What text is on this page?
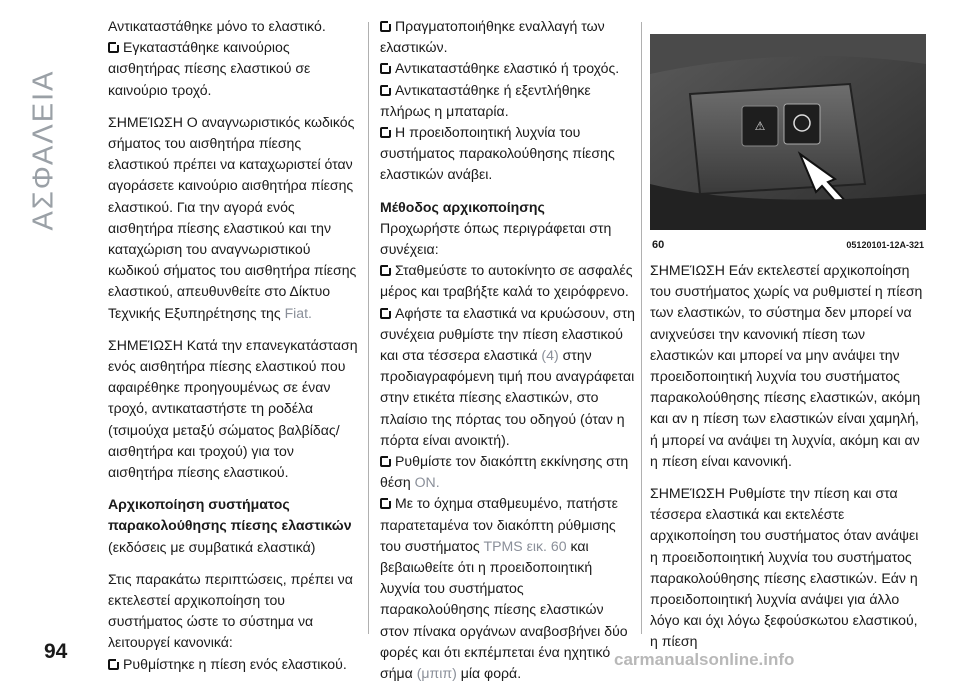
ΑΣΦΑΛΕΙΑ

Αντικαταστάθηκε μόνο το ελαστικό.

Εγκαταστάθηκε καινούριος αισθητήρας πίεσης ελαστικού σε καινούριο τροχό.

ΣΗΜΕΊΩΣΗ Ο αναγνωριστικός κωδικός σήματος του αισθητήρα πίεσης ελαστικού πρέπει να καταχωριστεί όταν αγοράσετε καινούριο αισθητήρα πίεσης ελαστικού. Για την αγορά ενός αισθητήρα πίεσης ελαστικού και την καταχώριση του αναγνωριστικού κωδικού σήματος του αισθητήρα πίεσης ελαστικού, απευθυνθείτε στο Δίκτυο Τεχνικής Εξυπηρέτησης της Fiat.

ΣΗΜΕΊΩΣΗ Κατά την επανεγκατάσταση ενός αισθητήρα πίεσης ελαστικού που αφαιρέθηκε προηγουμένως σε έναν τροχό, αντικαταστήστε τη ροδέλα (τσιμούχα μεταξύ σώματος βαλβίδας/αισθητήρα και τροχού) για τον αισθητήρα πίεσης ελαστικού.

Αρχικοποίηση συστήματος παρακολούθησης πίεσης ελαστικών

(εκδόσεις με συμβατικά ελαστικά)

Στις παρακάτω περιπτώσεις, πρέπει να εκτελεστεί αρχικοποίηση του συστήματος ώστε το σύστημα να λειτουργεί κανονικά:

Ρυθμίστηκε η πίεση ενός ελαστικού.

Πραγματοποιήθηκε εναλλαγή των ελαστικών.
Αντικαταστάθηκε ελαστικό ή τροχός.
Αντικαταστάθηκε ή εξεντλήθηκε πλήρως η μπαταρία.

Η προειδοποιητική λυχνία του συστήματος παρακολούθησης πίεσης ελαστικών ανάβει.

Μέθοδος αρχικοποίησης
Προχωρήστε όπως περιγράφεται στη συνέχεια:
Σταθμεύστε το αυτοκίνητο σε ασφαλές μέρος και τραβήξτε καλά το χειρόφρενο.
Αφήστε τα ελαστικά να κρυώσουν, στη συνέχεια ρυθμίστε την πίεση ελαστικού και στα τέσσερα ελαστικά (4) στην προδιαγραφόμενη τιμή που αναγράφεται στην ετικέτα πίεσης ελαστικών, στο πλαίσιο της πόρτας του οδηγού (όταν η πόρτα είναι ανοικτή).
Ρυθμίστε τον διακόπτη εκκίνησης στη θέση ON.
Με το όχημα σταθμευμένο, πατήστε παρατεταμένα τον διακόπτη ρύθμισης του συστήματος TPMS εικ. 60 και βεβαιωθείτε ότι η προειδοποιητική λυχνία του συστήματος παρακολούθησης πίεσης ελαστικών στον πίνακα οργάνων αναβοσβήνει δύο φορές και ότι εκπέμπεται ένα ηχητικό σήμα (μπιπ) μία φορά.
⚠
60	05120101-12A-321

ΣΗΜΕΊΩΣΗ Εάν εκτελεστεί αρχικοποίηση του συστήματος χωρίς να ρυθμιστεί η πίεση των ελαστικών, το σύστημα δεν μπορεί να ανιχνεύσει την κανονική πίεση των ελαστικών και μπορεί να μην ανάψει την προειδοποιητική λυχνία του συστήματος παρακολούθησης πίεσης ελαστικών, ακόμη και αν η πίεση των ελαστικών είναι χαμηλή, ή μπορεί να ανάψει τη λυχνία, ακόμη και αν η πίεση είναι κανονική.

ΣΗΜΕΊΩΣΗ Ρυθμίστε την πίεση και στα τέσσερα ελαστικά και εκτελέστε αρχικοποίηση του συστήματος όταν ανάψει η προειδοποιητική λυχνία του συστήματος παρακολούθησης πίεσης ελαστικών. Εάν η προειδοποιητική λυχνία ανάψει για άλλο λόγο και όχι λόγω ξεφούσκωτου ελαστικού, η πίεση

94	carmanualsonline.info
